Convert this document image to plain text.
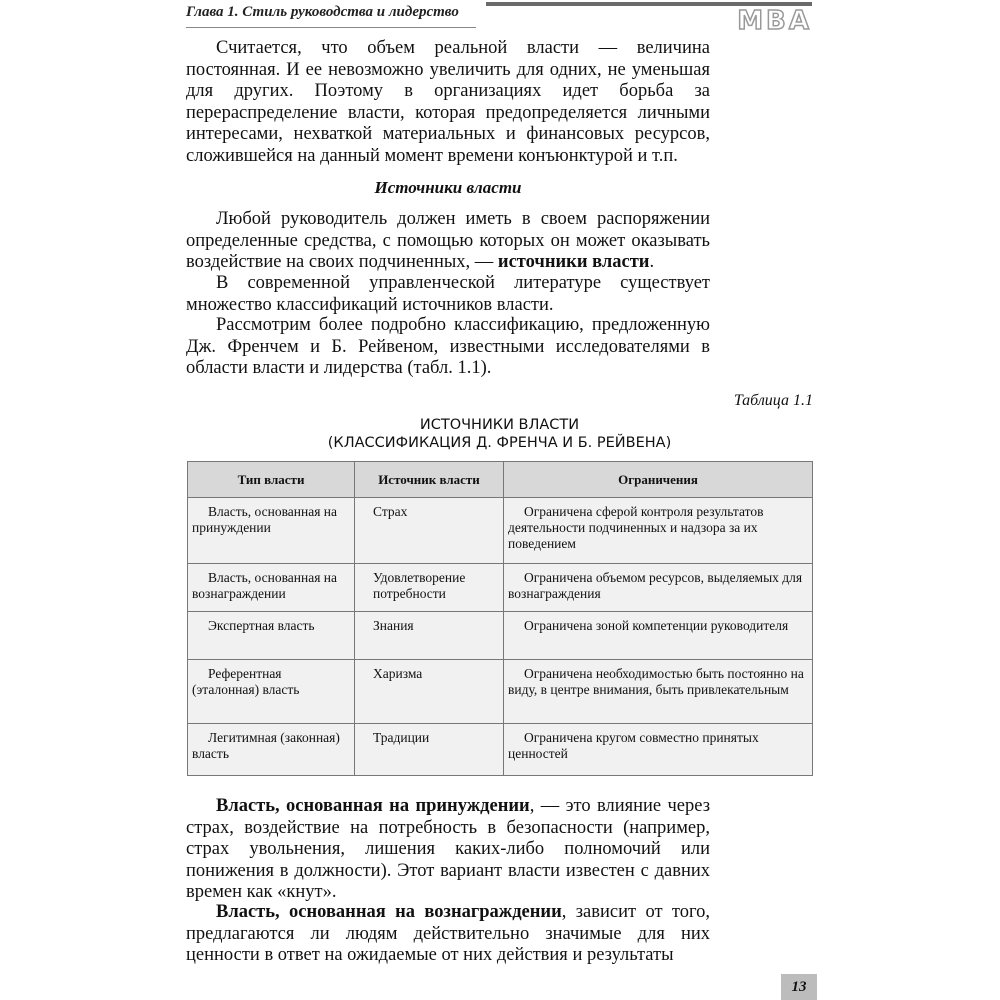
Глава 1. Стиль руководства и лидерство	МВА

Считается, что объем реальной власти — величина постоянная. И ее невозможно увеличить для одних, не уменьшая для других. Поэтому в организациях идет борьба за перераспределение власти, которая предопределяется личными интересами, нехваткой материальных и финансовых ресурсов, сложившейся на данный момент времени конъюнктурой и т.п.

Источники власти

Любой руководитель должен иметь в своем распоряжении определенные средства, с помощью которых он может оказывать воздействие на своих подчиненных, — источники власти.

В современной управленческой литературе существует множество классификаций источников власти.

Рассмотрим более подробно классификацию, предложенную Дж. Френчем и Б. Рейвеном, известными исследователями в области власти и лидерства (табл. 1.1).

Таблица 1.1
ИСТОЧНИКИ ВЛАСТИ
(КЛАССИФИКАЦИЯ Д. ФРЕНЧА И Б. РЕЙВЕНА)
Тип власти	Источник власти	Ограничения

Власть, основанная на принуждении	Страх	Ограничена сферой контроля результатов деятельности подчиненных и надзора за их поведением

Власть, основанная на вознаграждении	Удовлетворение потребности	Ограничена объемом ресурсов, выделяемых для вознаграждения

Экспертная власть	Знания	Ограничена зоной компетенции руководителя

Референтная (эталонная) власть	Харизма	Ограничена необходимостью быть постоянно на виду, в центре внимания, быть привлекательным

Легитимная (законная) власть	Традиции	Ограничена кругом совместно принятых ценностей

Власть, основанная на принуждении, — это влияние через страх, воздействие на потребность в безопасности (например, страх увольнения, лишения каких-либо полномочий или понижения в должности). Этот вариант власти известен с давних времен как «кнут».

Власть, основанная на вознаграждении, зависит от того, предлагаются ли людям действительно значимые для них ценности в ответ на ожидаемые от них действия и результаты

13
